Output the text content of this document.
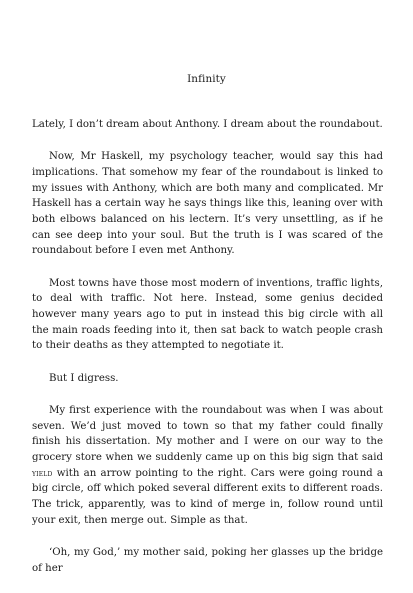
Infinity

Lately, I don’t dream about Anthony. I dream about the roundabout.

Now, Mr Haskell, my psychology teacher, would say this had implications. That somehow my fear of the roundabout is linked to my issues with Anthony, which are both many and complicated. Mr Haskell has a certain way he says things like this, leaning over with both elbows balanced on his lectern. It’s very unsettling, as if he can see deep into your soul. But the truth is I was scared of the roundabout before I even met Anthony.

Most towns have those most modern of inventions, traffic lights, to deal with traffic. Not here. Instead, some genius decided however many years ago to put in instead this big circle with all the main roads feeding into it, then sat back to watch people crash to their deaths as they attempted to negotiate it.

But I digress.

My first experience with the roundabout was when I was about seven. We’d just moved to town so that my father could finally finish his dissertation. My mother and I were on our way to the grocery store when we suddenly came up on this big sign that said yield with an arrow pointing to the right. Cars were going round a big circle, off which poked several different exits to different roads. The trick, apparently, was to kind of merge in, follow round until your exit, then merge out. Simple as that.

‘Oh, my God,’ my mother said, poking her glasses up the bridge of her
